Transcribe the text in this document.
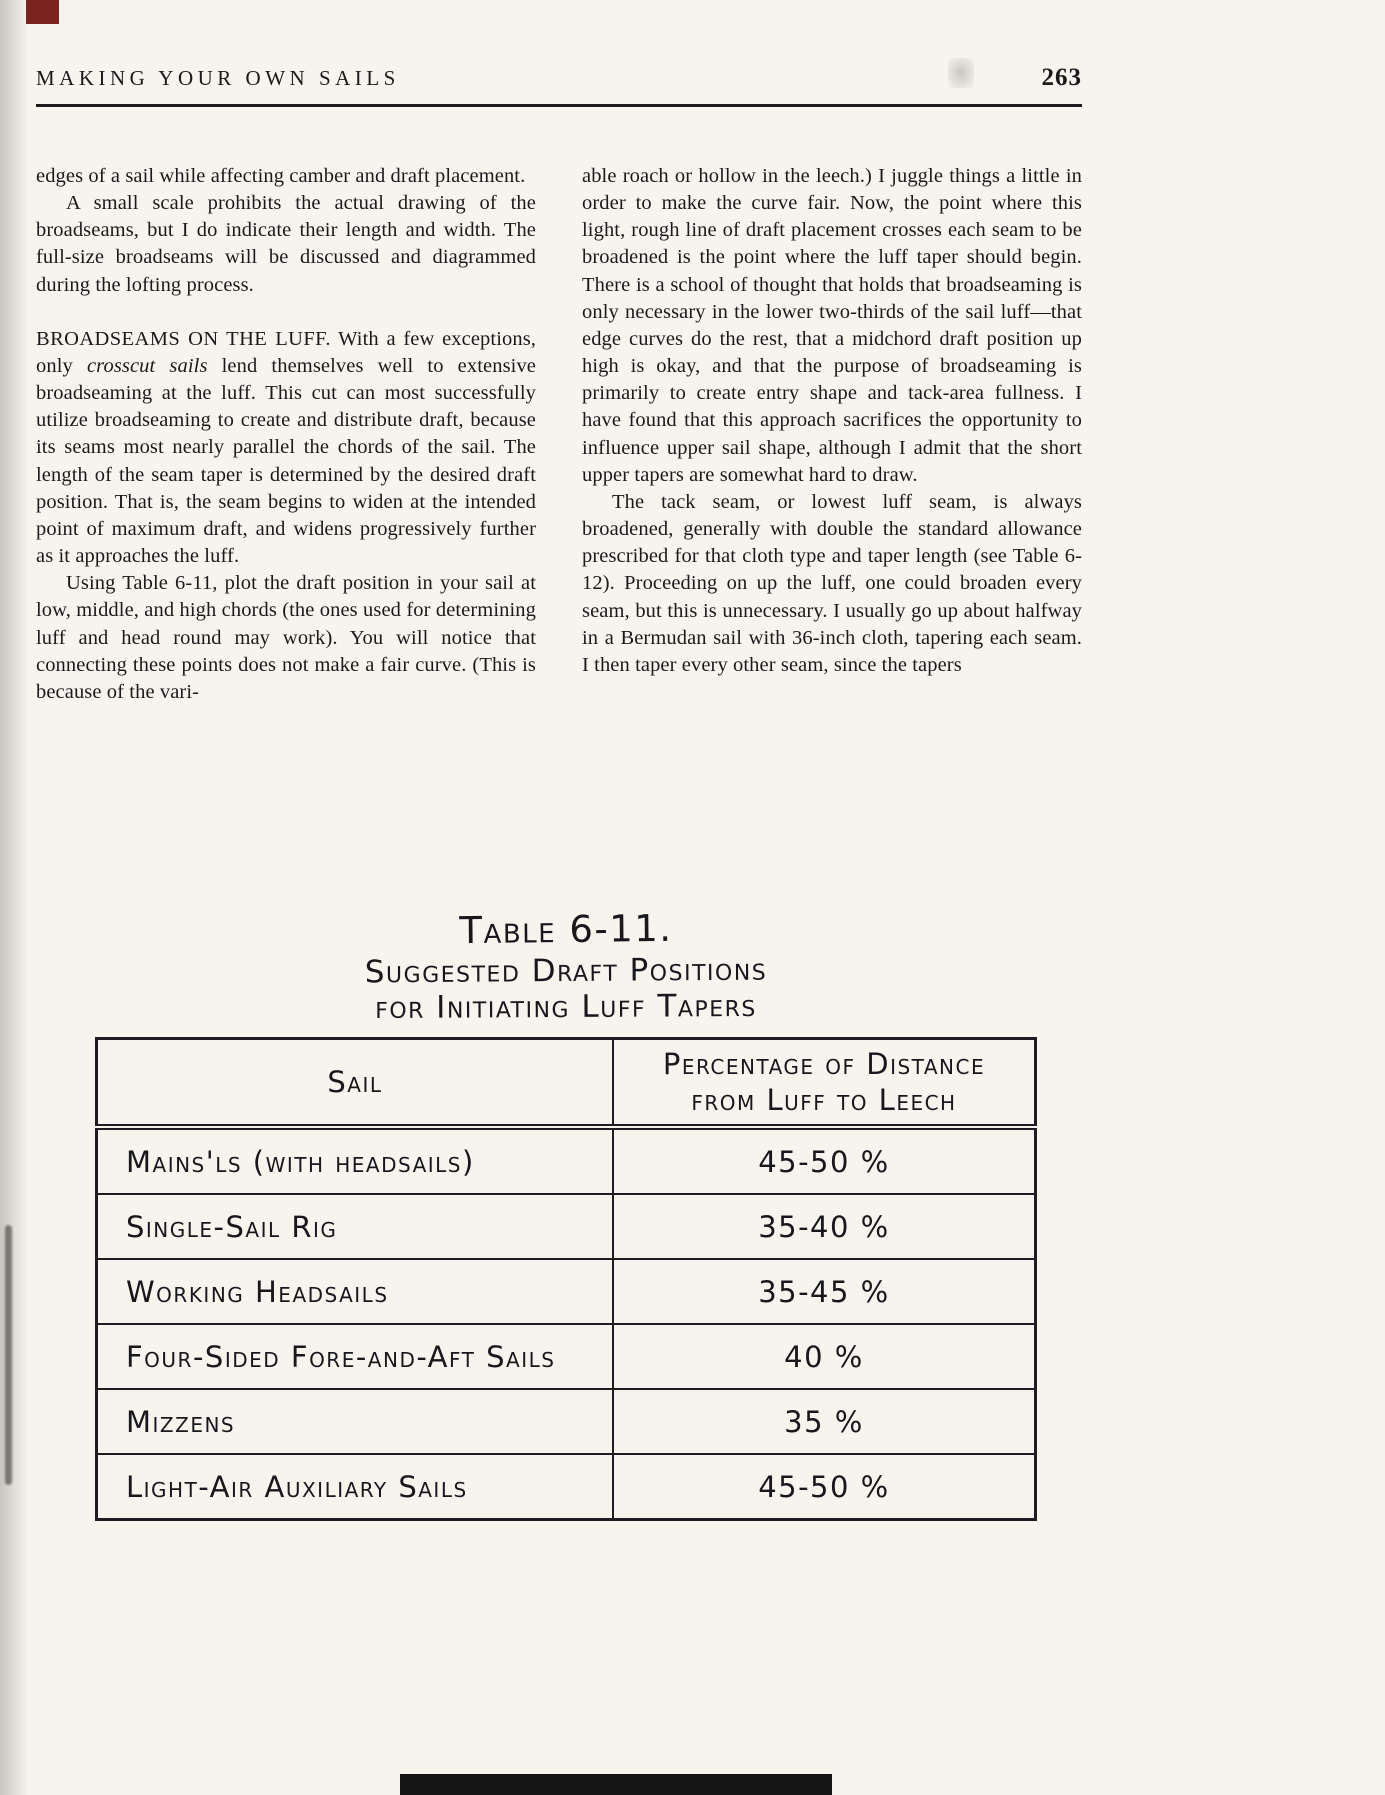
MAKING YOUR OWN SAILS	263

edges of a sail while affecting camber and draft placement.

A small scale prohibits the actual drawing of the broadseams, but I do indicate their length and width. The full-size broadseams will be discussed and diagrammed during the lofting process.

BROADSEAMS ON THE LUFF. With a few exceptions, only crosscut sails lend themselves well to extensive broadseaming at the luff. This cut can most successfully utilize broadseaming to create and distribute draft, because its seams most nearly parallel the chords of the sail. The length of the seam taper is determined by the desired draft position. That is, the seam begins to widen at the intended point of maximum draft, and widens progressively further as it approaches the luff.

Using Table 6-11, plot the draft position in your sail at low, middle, and high chords (the ones used for determining luff and head round may work). You will notice that connecting these points does not make a fair curve. (This is because of the vari-

able roach or hollow in the leech.) I juggle things a little in order to make the curve fair. Now, the point where this light, rough line of draft placement crosses each seam to be broadened is the point where the luff taper should begin. There is a school of thought that holds that broadseaming is only necessary in the lower two-thirds of the sail luff—that edge curves do the rest, that a midchord draft position up high is okay, and that the purpose of broadseaming is primarily to create entry shape and tack-area fullness. I have found that this approach sacrifices the opportunity to influence upper sail shape, although I admit that the short upper tapers are somewhat hard to draw.

The tack seam, or lowest luff seam, is always broadened, generally with double the standard allowance prescribed for that cloth type and taper length (see Table 6-12). Proceeding on up the luff, one could broaden every seam, but this is unnecessary. I usually go up about halfway in a Bermudan sail with 36-inch cloth, tapering each seam. I then taper every other seam, since the tapers

Table 6-11.
Suggested Draft Positions
for Initiating Luff Tapers
Sail	Percentage of Distance
from Luff to Leech

Mains'ls (with headsails)	45-50 %
Single-Sail Rig	35-40 %
Working Headsails	35-45 %
Four-Sided Fore-and-Aft Sails	40 %
Mizzens	35 %
Light-Air Auxiliary Sails	45-50 %
